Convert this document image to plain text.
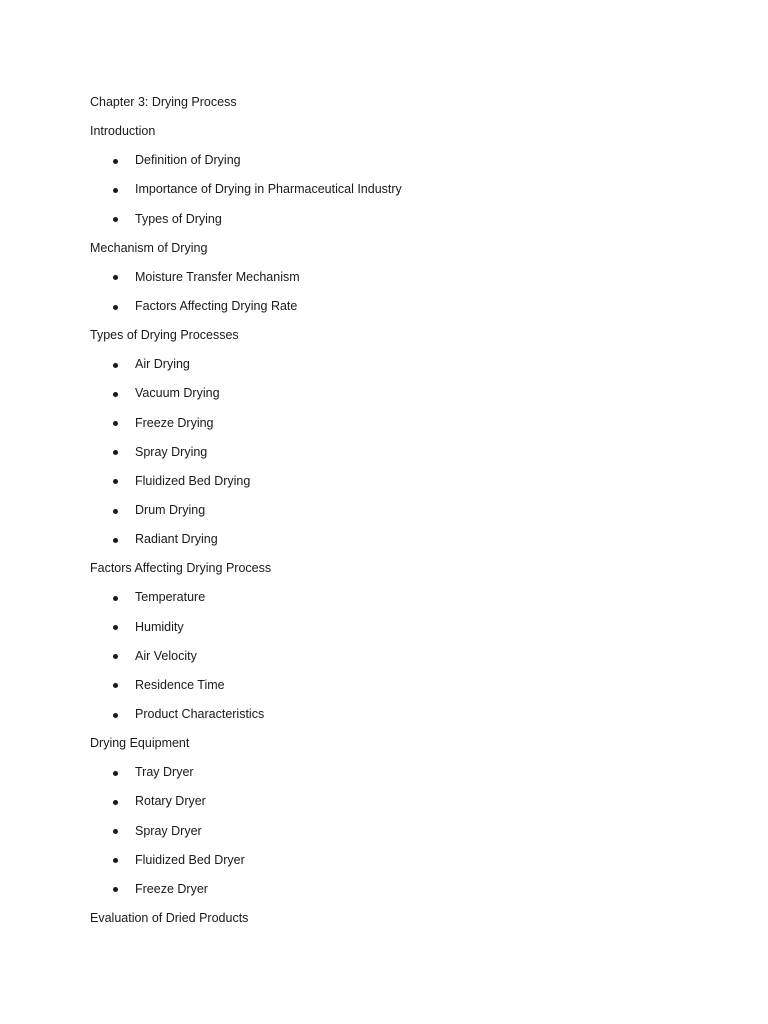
Chapter 3: Drying Process
Introduction
Definition of Drying
Importance of Drying in Pharmaceutical Industry
Types of Drying
Mechanism of Drying
Moisture Transfer Mechanism
Factors Affecting Drying Rate
Types of Drying Processes
Air Drying
Vacuum Drying
Freeze Drying
Spray Drying
Fluidized Bed Drying
Drum Drying
Radiant Drying
Factors Affecting Drying Process
Temperature
Humidity
Air Velocity
Residence Time
Product Characteristics
Drying Equipment
Tray Dryer
Rotary Dryer
Spray Dryer
Fluidized Bed Dryer
Freeze Dryer
Evaluation of Dried Products
